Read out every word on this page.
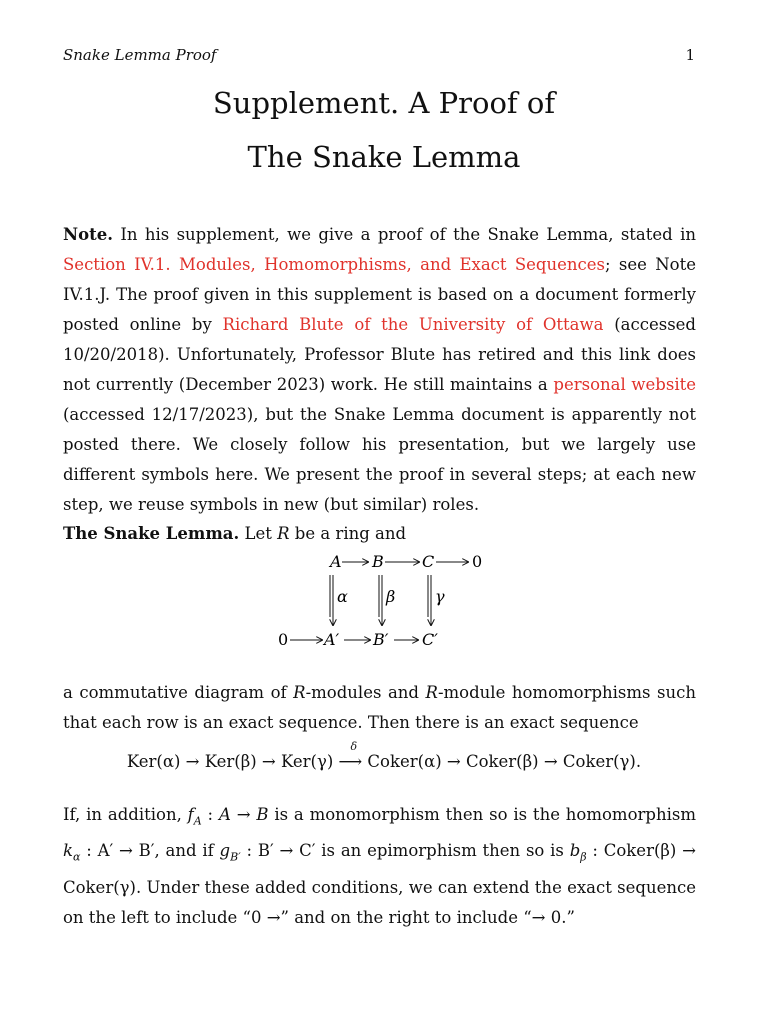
Snake Lemma Proof	1
Supplement. A Proof of
The Snake Lemma
Note. In his supplement, we give a proof of the Snake Lemma, stated in Section IV.1. Modules, Homomorphisms, and Exact Sequences; see Note IV.1.J. The proof given in this supplement is based on a document formerly posted online by Richard Blute of the University of Ottawa (accessed 10/20/2018). Unfortunately, Professor Blute has retired and this link does not currently (December 2023) work. He still maintains a personal website (accessed 12/17/2023), but the Snake Lemma document is apparently not posted there. We closely follow his presentation, but we largely use different symbols here. We present the proof in several steps; at each new step, we reuse symbols in new (but similar) roles.
The Snake Lemma. Let R be a ring and
A B C 0
α β γ
0 A′ B′ C′
a commutative diagram of R-modules and R-module homomorphisms such that each row is an exact sequence. Then there is an exact sequence
Ker(α) → Ker(β) → Ker(γ)
δ
⟶ Coker(α) → Coker(β) → Coker(γ).
If, in addition, $f_A$ : A → B is a monomorphism then so is the homomorphism $k_\alpha$ : A′ → B′, and if $g_{B'}$ : B′ → C′ is an epimorphism then so is $b_\beta$ : Coker(β) → Coker(γ). Under these added conditions, we can extend the exact sequence on the left to include “0 →” and on the right to include “→ 0.”
